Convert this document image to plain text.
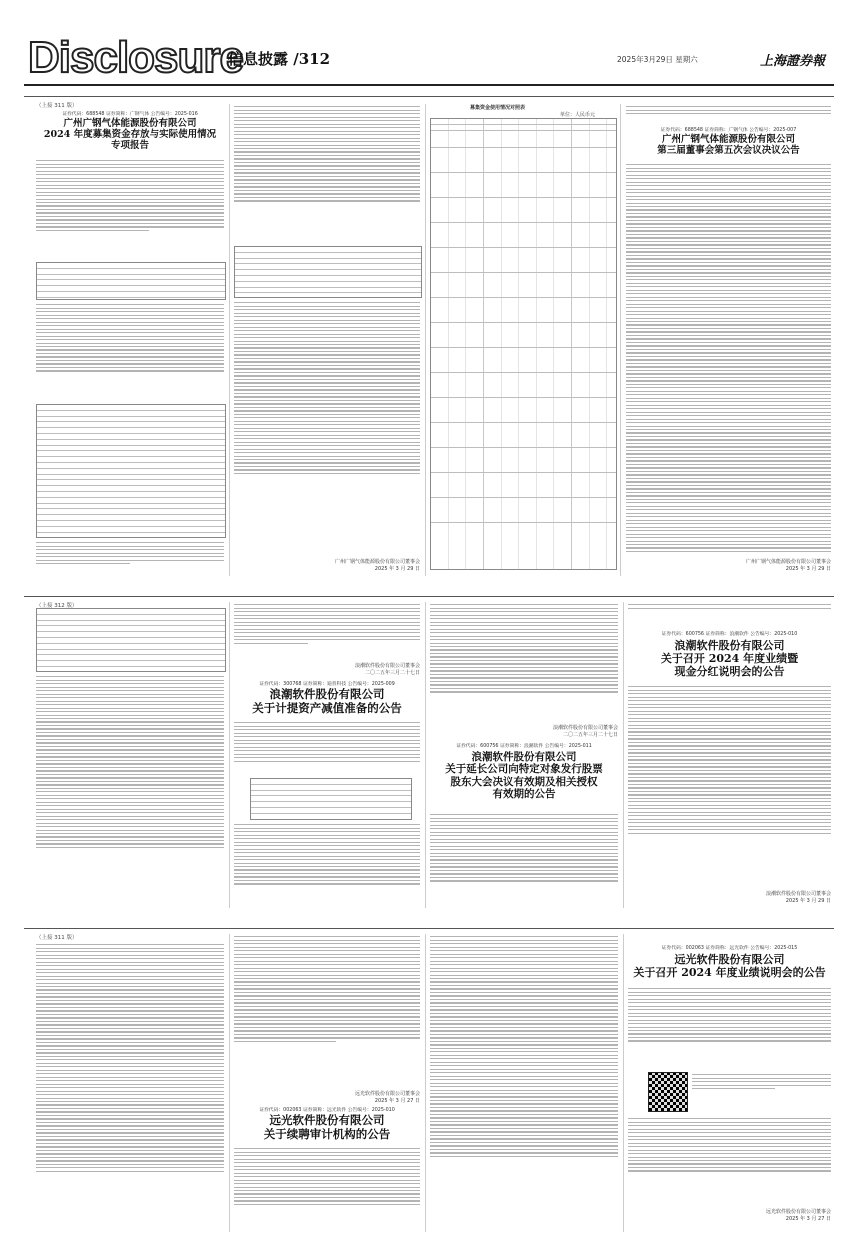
Disclosure
信息披露 /312	2025年3月29日 星期六	上海證券報
（上接 311 版）
证券代码：688548 证券简称：广钢气体 公告编号：2025-016
广州广钢气体能源股份有限公司
2024 年度募集资金存放与实际使用情况
专项报告
广州广钢气体能源股份有限公司董事会
2025 年 3 月 29 日
募集资金使用情况对照表
单位：人民币元
证券代码：688548 证券简称：广钢气体 公告编号：2025-007
广州广钢气体能源股份有限公司
第三届董事会第五次会议决议公告
广州广钢气体能源股份有限公司董事会
2025 年 3 月 29 日
（上接 312 版）
浪潮软件股份有限公司董事会
二〇二五年三月二十七日
证券代码：300768 证券简称：迪普科技 公告编号：2025-009
浪潮软件股份有限公司
关于计提资产减值准备的公告
浪潮软件股份有限公司董事会
二〇二五年三月二十七日
证券代码：600756 证券简称：浪潮软件 公告编号：2025-011
浪潮软件股份有限公司
关于延长公司向特定对象发行股票
股东大会决议有效期及相关授权
有效期的公告
证券代码：600756 证券简称：浪潮软件 公告编号：2025-010
浪潮软件股份有限公司
关于召开 2024 年度业绩暨
现金分红说明会的公告
浪潮软件股份有限公司董事会
2025 年 3 月 29 日
（上接 311 版）
远光软件股份有限公司董事会
2025 年 3 月 27 日
证券代码：002063 证券简称：远光软件 公告编号：2025-010
远光软件股份有限公司
关于续聘审计机构的公告
证券代码：002063 证券简称：远光软件 公告编号：2025-015
远光软件股份有限公司
关于召开 2024 年度业绩说明会的公告
远光软件股份有限公司董事会
2025 年 3 月 27 日
